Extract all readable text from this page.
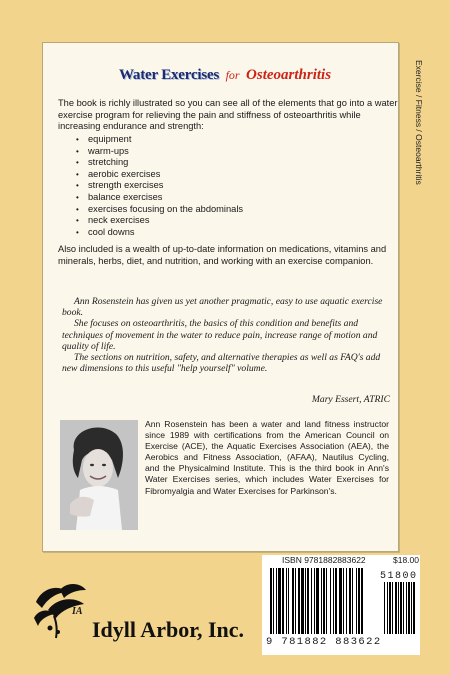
Exercise / Fitness / Osteoarthritis
Water Exercises for Osteoarthritis

The book is richly illustrated so you can see all of the elements that go into a water exercise program for relieving the pain and stiffness of osteoarthritis while increasing endurance and strength:

• equipment
• warm-ups
• stretching
• aerobic exercises
• strength exercises
• balance exercises
• exercises focusing on the abdominals
• neck exercises
• cool downs

Also included is a wealth of up-to-date information on medications, vitamins and minerals, herbs, diet, and nutrition, and working with an exercise companion.

Ann Rosenstein has given us yet another pragmatic, easy to use aquatic exercise book.

She focuses on osteoarthritis, the basics of this condition and benefits and techniques of movement in the water to reduce pain, increase range of motion and quality of life.

The sections on nutrition, safety, and alternative therapies as well as FAQ's add new dimensions to this useful "help yourself" volume.

Mary Essert, ATRIC

Ann Rosenstein has been a water and land fitness instructor since 1989 with certifications from the American Council on Exercise (ACE), the Aquatic Exercises Association (AEA), the Aerobics and Fitness Association, (AFAA), Nautilus Cycling, and the Physicalmind Institute. This is the third book in Ann's Water Exercises series, which includes Water Exercises for Fibromyalgia and Water Exercises for Parkinson's.

ISBN 9781882883622	$18.00
51800
9 781882 883622
IA
Idyll Arbor, Inc.
